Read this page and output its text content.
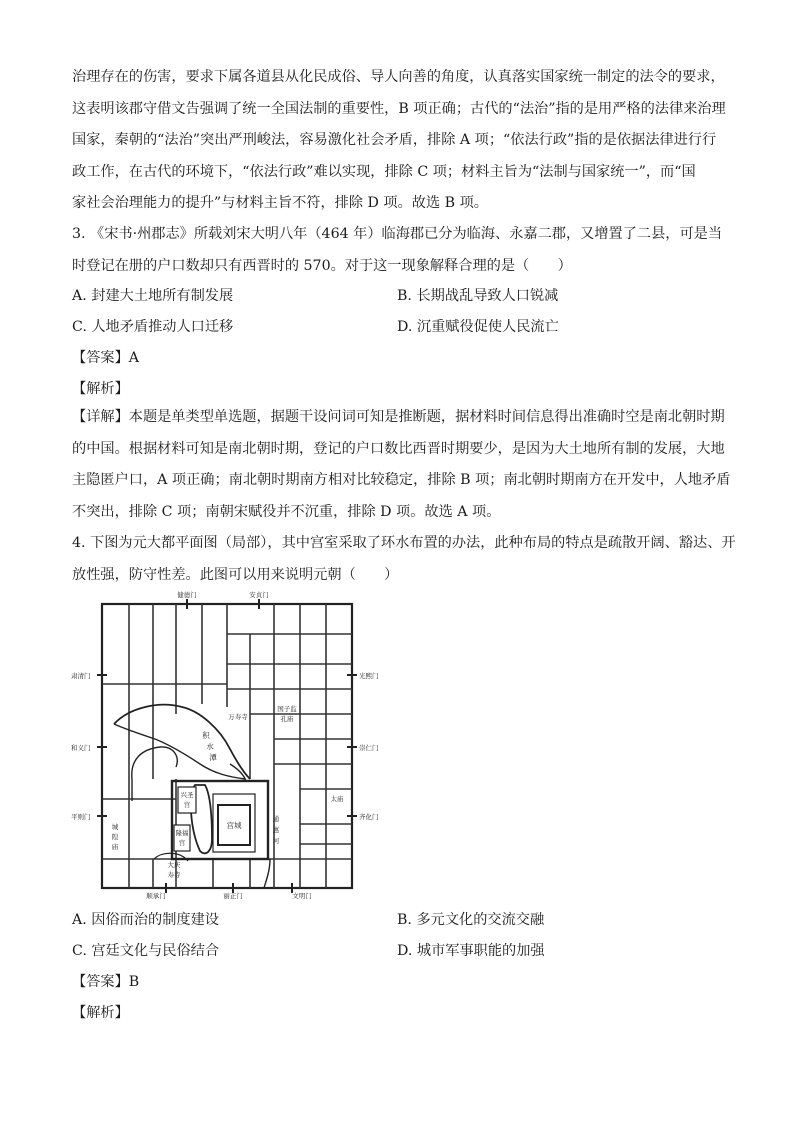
治理存在的伤害，要求下属各道县从化民成俗、导人向善的角度，认真落实国家统一制定的法令的要求，
这表明该郡守借文告强调了统一全国法制的重要性，B 项正确；古代的“法治”指的是用严格的法律来治理
国家，秦朝的“法治”突出严刑峻法，容易激化社会矛盾，排除 A 项；“依法行政”指的是依据法律进行行
政工作，在古代的环境下，“依法行政”难以实现，排除 C 项；材料主旨为“法制与国家统一”，而“国
家社会治理能力的提升”与材料主旨不符，排除 D 项。故选 B 项。
3. 《宋书·州郡志》所载刘宋大明八年（464 年）临海郡已分为临海、永嘉二郡，又增置了二县，可是当
时登记在册的户口数却只有西晋时的 570。对于这一现象解释合理的是（　　）
A. 封建大土地所有制发展	B. 长期战乱导致人口锐减
C. 人地矛盾推动人口迁移	D. 沉重赋役促使人民流亡
【答案】A
【解析】
【详解】本题是单类型单选题，据题干设问词可知是推断题，据材料时间信息得出准确时空是南北朝时期
的中国。根据材料可知是南北朝时期，登记的户口数比西晋时期要少，是因为大土地所有制的发展，大地
主隐匿户口，A 项正确；南北朝时期南方相对比较稳定，排除 B 项；南北朝时期南方在开发中，人地矛盾
不突出，排除 C 项；南朝宋赋役并不沉重，排除 D 项。故选 A 项。
4. 下图为元大都平面图（局部），其中宫室采取了环水布置的办法，此种布局的特点是疏散开阔、豁达、开
放性强，防守性差。此图可以用来说明元朝（　　）
健德门	安贞门
肃清门
和义门
平则门
光熙门
崇仁门
齐化门
顺承门	丽正门	文明门
万寿寺
国子监
孔庙
积
水
潭
兴圣
宫
隆福
宫
宫城
太庙
通
惠
河
城
隍
庙
大庆
寿寺
A. 因俗而治的制度建设	B. 多元文化的交流交融
C. 宫廷文化与民俗结合	D. 城市军事职能的加强
【答案】B
【解析】
